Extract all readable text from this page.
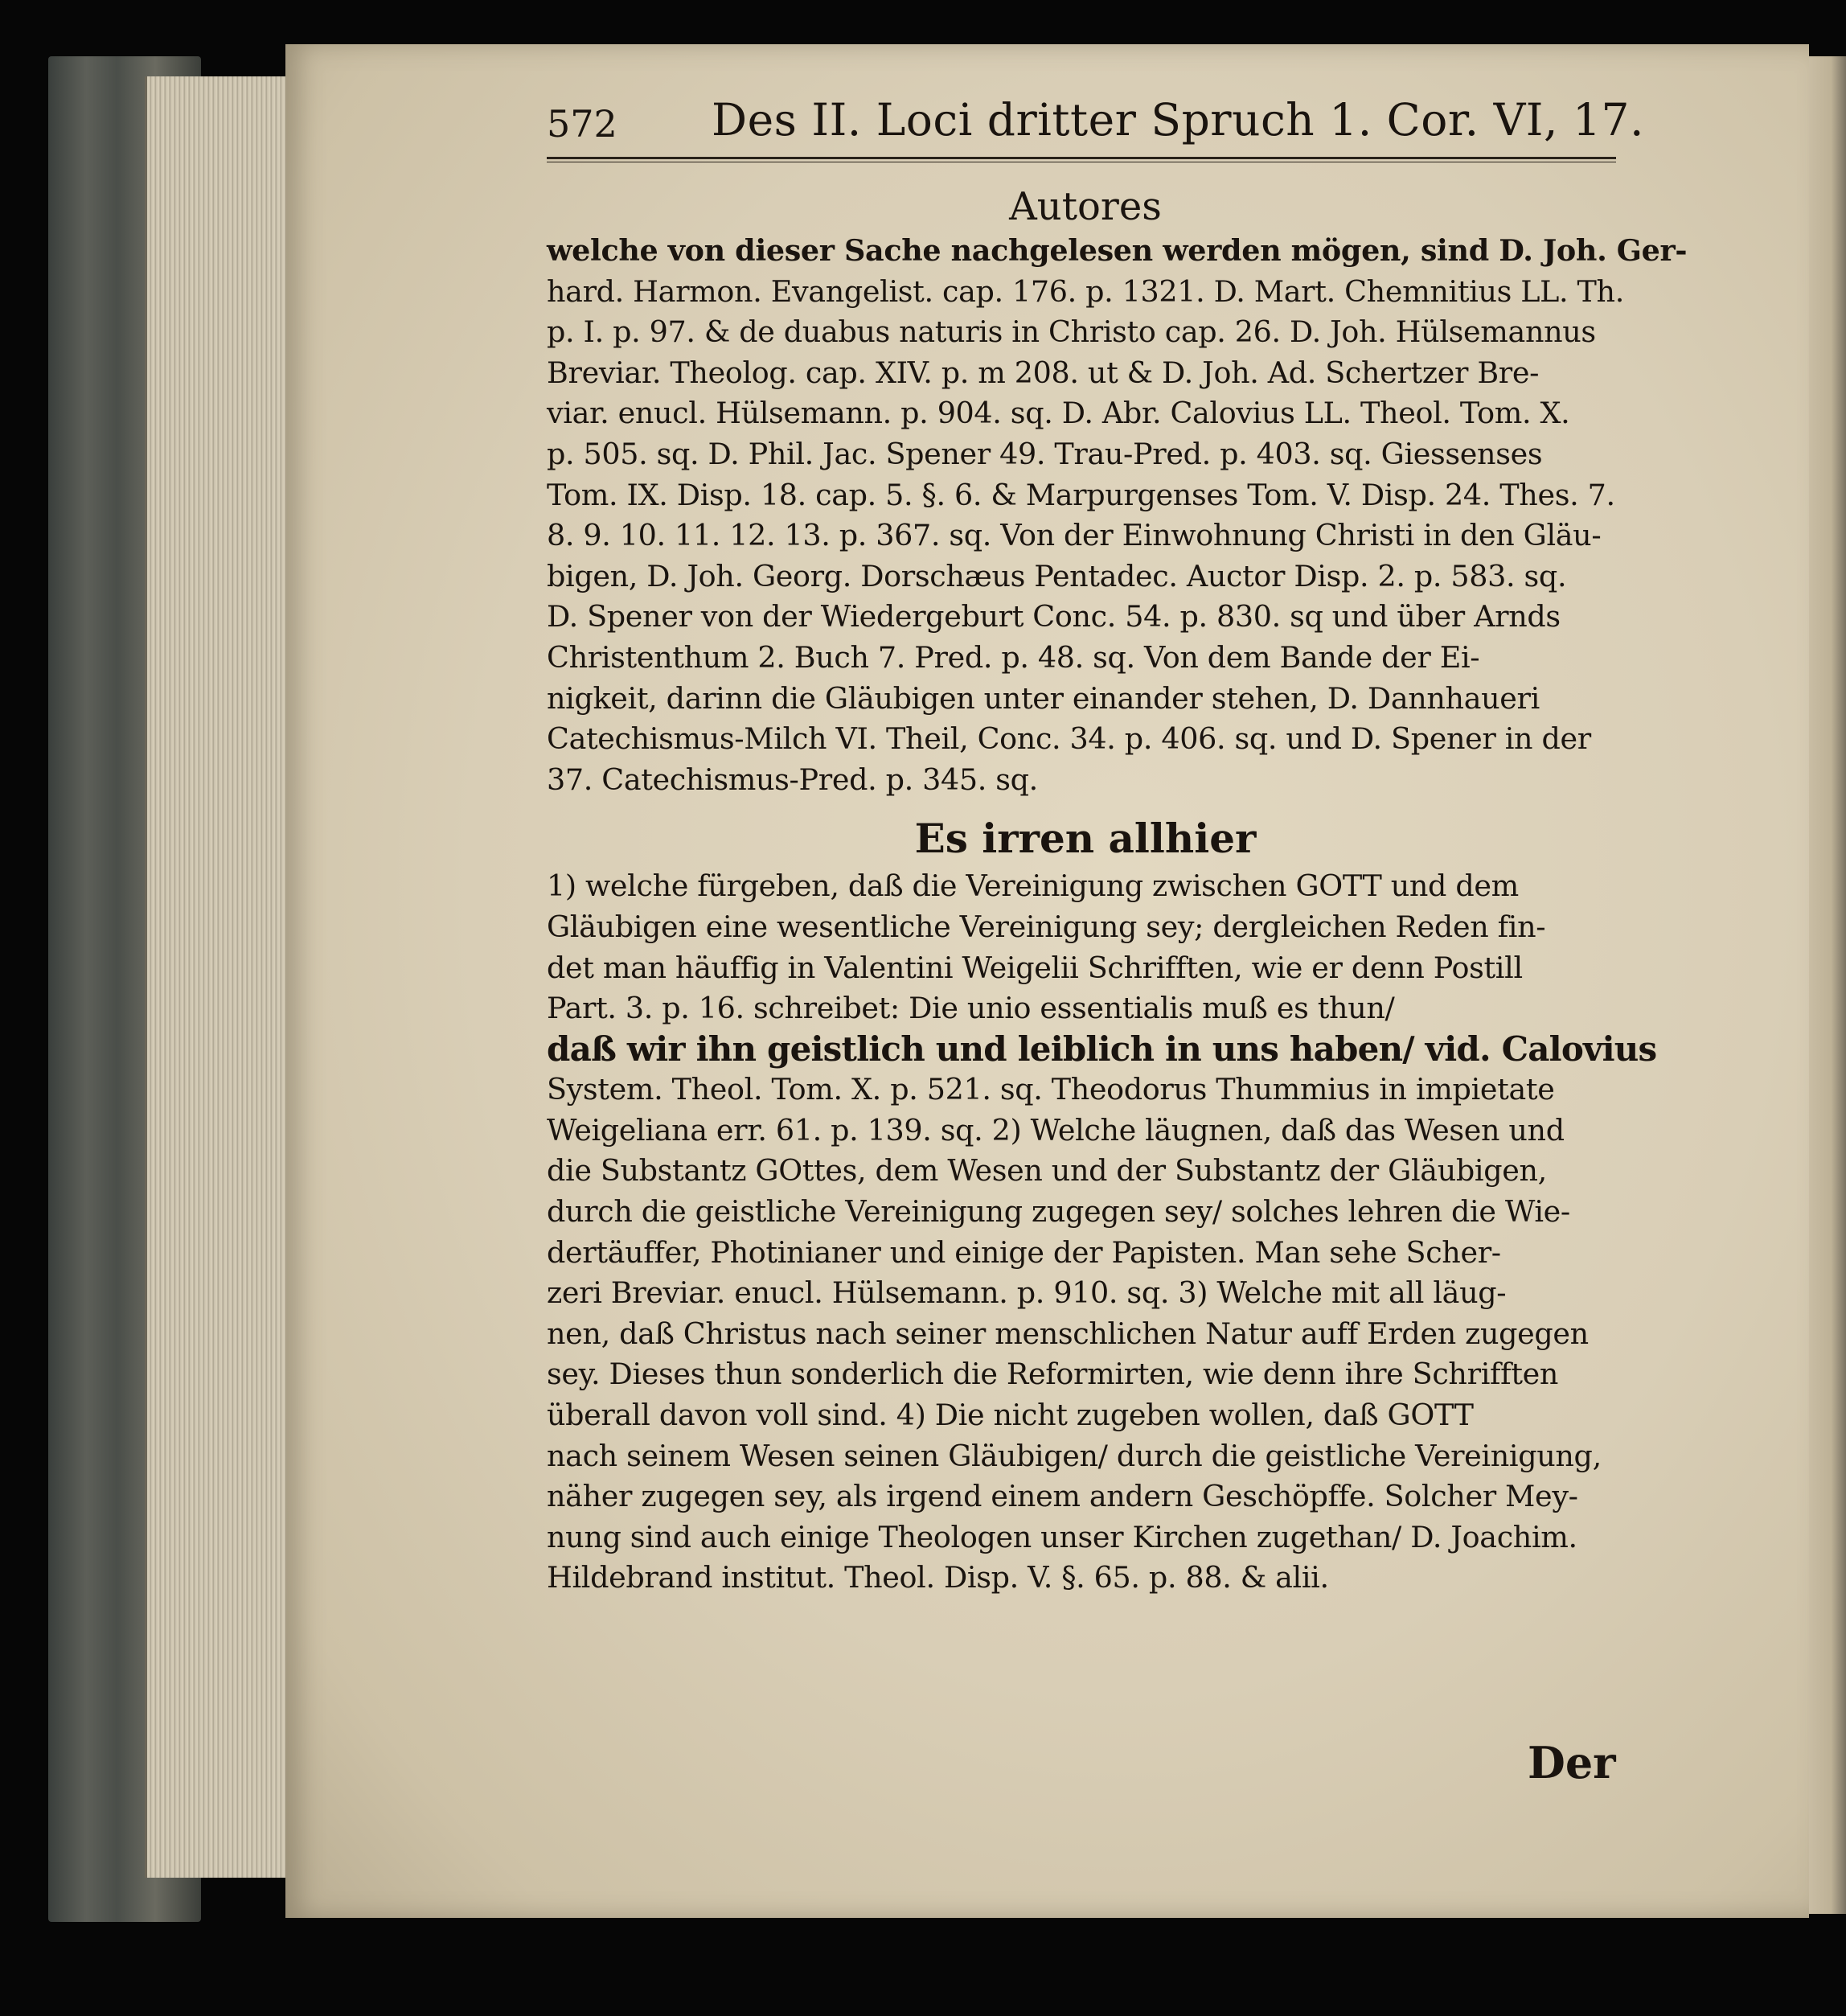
572 Des II. Loci dritter Spruch 1. Cor. VI, 17.
Autores
welche von dieser Sache nachgelesen werden mögen, sind D. Joh. Ger-
hard. Harmon. Evangelist. cap. 176. p. 1321. D. Mart. Chemnitius LL. Th.
p. I. p. 97. & de duabus naturis in Christo cap. 26. D. Joh. Hülsemannus
Breviar. Theolog. cap. XIV. p. m 208. ut & D. Joh. Ad. Schertzer Bre-
viar. enucl. Hülsemann. p. 904. sq. D. Abr. Calovius LL. Theol. Tom. X.
p. 505. sq. D. Phil. Jac. Spener 49. Trau-Pred. p. 403. sq. Giessenses
Tom. IX. Disp. 18. cap. 5. §. 6. & Marpurgenses Tom. V. Disp. 24. Thes. 7.
8. 9. 10. 11. 12. 13. p. 367. sq. Von der Einwohnung Christi in den Gläu-
bigen, D. Joh. Georg. Dorschæus Pentadec. Auctor Disp. 2. p. 583. sq.
D. Spener von der Wiedergeburt Conc. 54. p. 830. sq und über Arnds
Christenthum 2. Buch 7. Pred. p. 48. sq. Von dem Bande der Ei-
nigkeit, darinn die Gläubigen unter einander stehen, D. Dannhaueri
Catechismus-Milch VI. Theil, Conc. 34. p. 406. sq. und D. Spener in der
37. Catechismus-Pred. p. 345. sq.
Es irren allhier
1) welche fürgeben, daß die Vereinigung zwischen GOTT und dem
Gläubigen eine wesentliche Vereinigung sey; dergleichen Reden fin-
det man häuffig in Valentini Weigelii Schrifften, wie er denn Postill
Part. 3. p. 16. schreibet: Die unio essentialis muß es thun/
daß wir ihn geistlich und leiblich in uns haben/ vid. Calovius
System. Theol. Tom. X. p. 521. sq. Theodorus Thummius in impietate
Weigeliana err. 61. p. 139. sq. 2) Welche läugnen, daß das Wesen und
die Substantz GOttes, dem Wesen und der Substantz der Gläubigen,
durch die geistliche Vereinigung zugegen sey/ solches lehren die Wie-
dertäuffer, Photinianer und einige der Papisten. Man sehe Scher-
zeri Breviar. enucl. Hülsemann. p. 910. sq. 3) Welche mit all läug-
nen, daß Christus nach seiner menschlichen Natur auff Erden zugegen
sey. Dieses thun sonderlich die Reformirten, wie denn ihre Schrifften
überall davon voll sind. 4) Die nicht zugeben wollen, daß GOTT
nach seinem Wesen seinen Gläubigen/ durch die geistliche Vereinigung,
näher zugegen sey, als irgend einem andern Geschöpffe. Solcher Mey-
nung sind auch einige Theologen unser Kirchen zugethan/ D. Joachim.
Hildebrand institut. Theol. Disp. V. §. 65. p. 88. & alii.
Der
